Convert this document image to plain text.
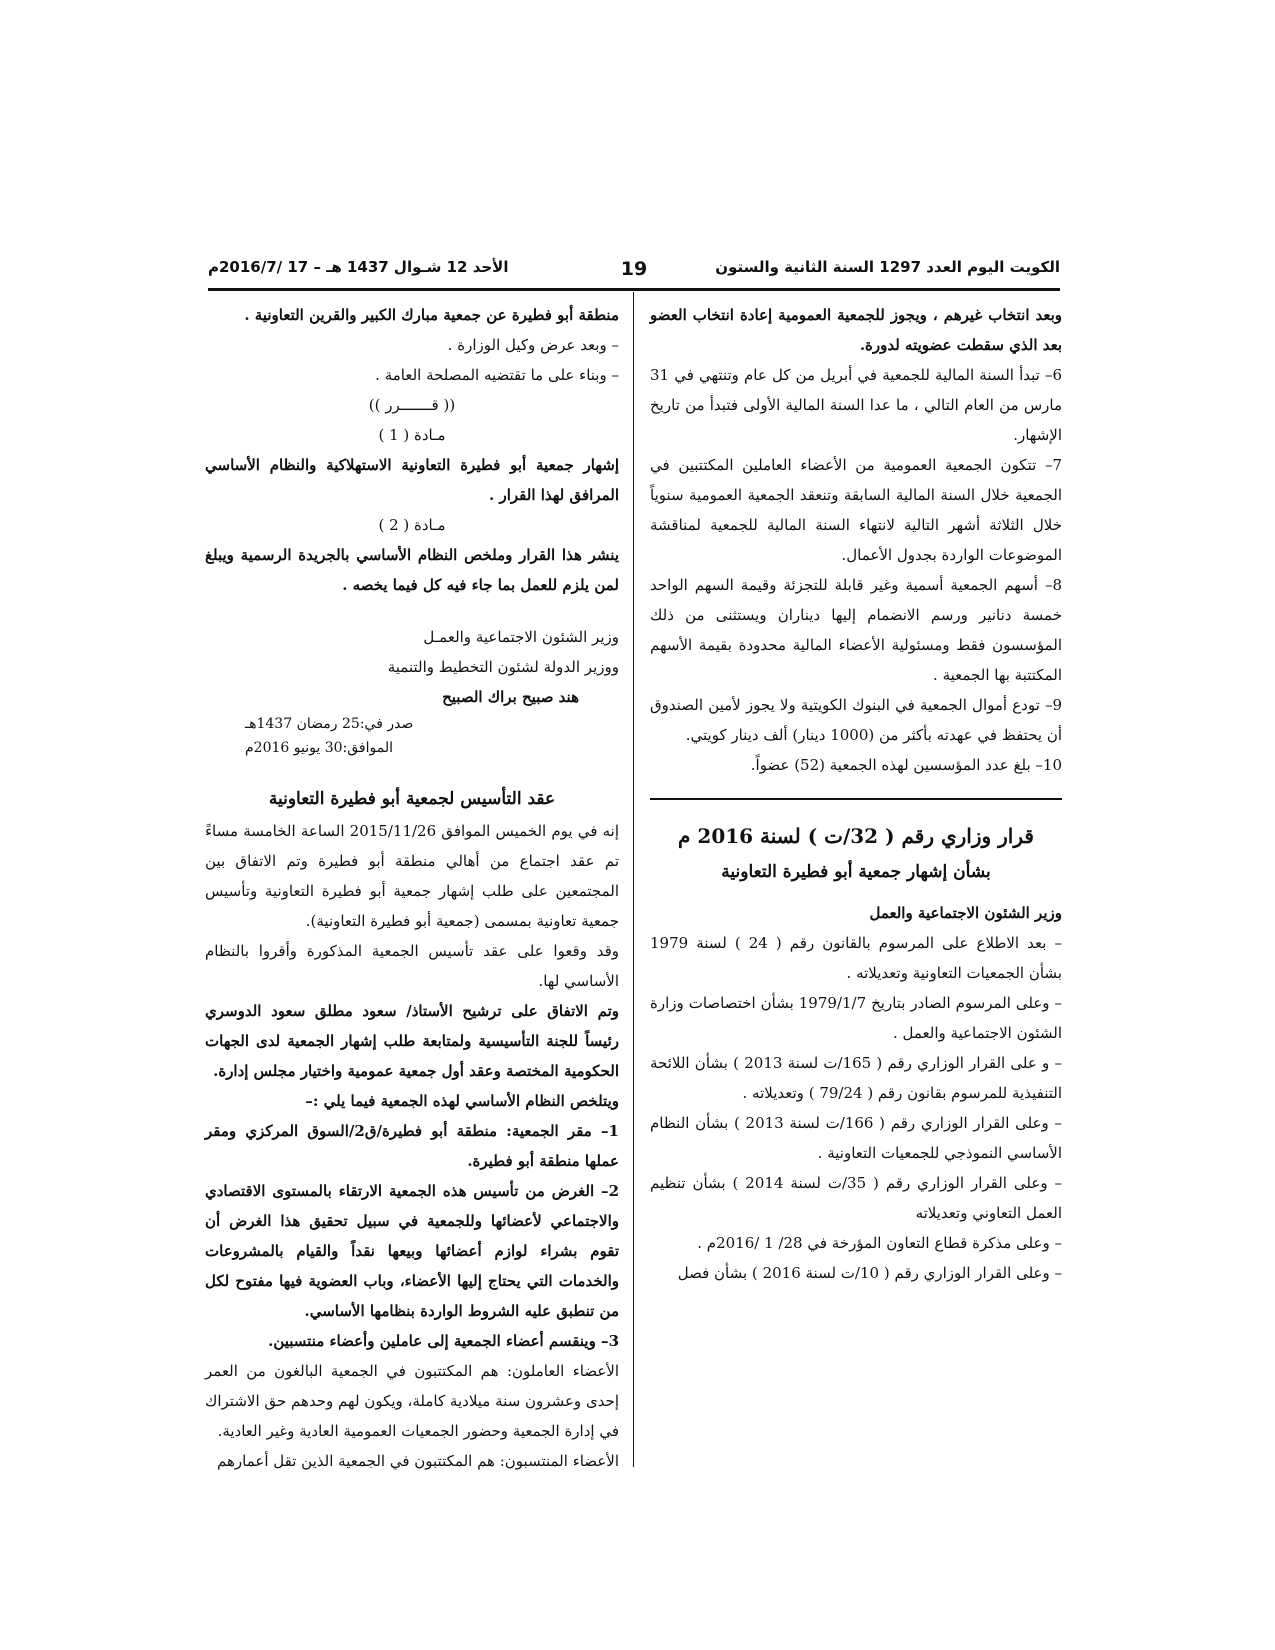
الكويت اليوم العدد 1297 السنة الثانية والستون
19
الأحد 12 شـوال 1437 هـ – 17 /2016/7م

وبعد انتخاب غيرهم ، ويجوز للجمعية العمومية إعادة انتخاب العضو بعد الذي سقطت عضويته لدورة.

6– تبدأ السنة المالية للجمعية في أبريل من كل عام وتنتهي في 31 مارس من العام التالي ، ما عدا السنة المالية الأولى فتبدأ من تاريخ الإشهار.

7– تتكون الجمعية العمومية من الأعضاء العاملين المكتتبين في الجمعية خلال السنة المالية السابقة وتنعقد الجمعية العمومية سنوياً خلال الثلاثة أشهر التالية لانتهاء السنة المالية للجمعية لمناقشة الموضوعات الواردة بجدول الأعمال.

8– أسهم الجمعية أسمية وغير قابلة للتجزئة وقيمة السهم الواحد خمسة دنانير ورسم الانضمام إليها ديناران ويستثنى من ذلك المؤسسون فقط ومسئولية الأعضاء المالية محدودة بقيمة الأسهم المكتتبة بها الجمعية .

9– تودع أموال الجمعية في البنوك الكويتية ولا يجوز لأمين الصندوق أن يحتفظ في عهدته بأكثر من (1000 دينار) ألف دينار كويتي.

10– بلغ عدد المؤسسين لهذه الجمعية (52) عضواً.

قرار وزاري رقم ( 32/ت ) لسنة 2016 م

بشأن إشهار جمعية أبو فطيرة التعاونية

وزير الشئون الاجتماعية والعمل

– بعد الاطلاع على المرسوم بالقانون رقم ( 24 ) لسنة 1979 بشأن الجمعيات التعاونية وتعديلاته .

– وعلى المرسوم الصادر بتاريخ 1979/1/7 بشأن اختصاصات وزارة الشئون الاجتماعية والعمل .

– و على القرار الوزاري رقم ( 165/ت لسنة 2013 ) بشأن اللائحة التنفيذية للمرسوم بقانون رقم ( 79/24 ) وتعديلاته .

– وعلى القرار الوزاري رقم ( 166/ت لسنة 2013 ) بشأن النظام الأساسي النموذجي للجمعيات التعاونية .

– وعلى القرار الوزاري رقم ( 35/ت لسنة 2014 ) بشأن تنظيم العمل التعاوني وتعديلاته

– وعلى مذكرة قطاع التعاون المؤرخة في 28/ 1 /2016م .

– وعلى القرار الوزاري رقم ( 10/ت لسنة 2016 ) بشأن فصل

منطقة أبو فطيرة عن جمعية مبارك الكبير والقرين التعاونية .

– وبعد عرض وكيل الوزارة .

– وبناء على ما تقتضيه المصلحة العامة .

(( قـــــــرر ))

مـادة ( 1 )

إشهار جمعية أبو فطيرة التعاونية الاستهلاكية والنظام الأساسي المرافق لهذا القرار .

مـادة ( 2 )

ينشر هذا القرار وملخص النظام الأساسي بالجريدة الرسمية ويبلغ لمن يلزم للعمل بما جاء فيه كل فيما يخصه .

وزير الشئون الاجتماعية والعمـل

ووزير الدولة لشئون التخطيط والتنمية

هند صبيح براك الصبيح

صدر في:25 رمضان 1437هـ

الموافق:30 يونيو 2016م

عقد التأسيس لجمعية أبو فطيرة التعاونية

إنه في يوم الخميس الموافق 2015/11/26 الساعة الخامسة مساءً تم عقد اجتماع من أهالي منطقة أبو فطيرة وتم الاتفاق بين المجتمعين على طلب إشهار جمعية أبو فطيرة التعاونية وتأسيس جمعية تعاونية بمسمى (جمعية أبو فطيرة التعاونية).

وقد وقعوا على عقد تأسيس الجمعية المذكورة وأقروا بالنظام الأساسي لها.

وتم الاتفاق على ترشيح الأستاذ/ سعود مطلق سعود الدوسري رئيساً للجنة التأسيسية ولمتابعة طلب إشهار الجمعية لدى الجهات الحكومية المختصة وعقد أول جمعية عمومية واختيار مجلس إدارة.

ويتلخص النظام الأساسي لهذه الجمعية فيما يلي :–

1– مقر الجمعية: منطقة أبو فطيرة/ق2/السوق المركزي ومقر عملها منطقة أبو فطيرة.

2– الغرض من تأسيس هذه الجمعية الارتقاء بالمستوى الاقتصادي والاجتماعي لأعضائها وللجمعية في سبيل تحقيق هذا الغرض أن تقوم بشراء لوازم أعضائها وبيعها نقداً والقيام بالمشروعات والخدمات التي يحتاج إليها الأعضاء، وباب العضوية فيها مفتوح لكل من تنطبق عليه الشروط الواردة بنظامها الأساسي.

3– وينقسم أعضاء الجمعية إلى عاملين وأعضاء منتسبين.

الأعضاء العاملون: هم المكتتبون في الجمعية البالغون من العمر إحدى وعشرون سنة ميلادية كاملة، ويكون لهم وحدهم حق الاشتراك في إدارة الجمعية وحضور الجمعيات العمومية العادية وغير العادية.

الأعضاء المنتسبون: هم المكتتبون في الجمعية الذين تقل أعمارهم
